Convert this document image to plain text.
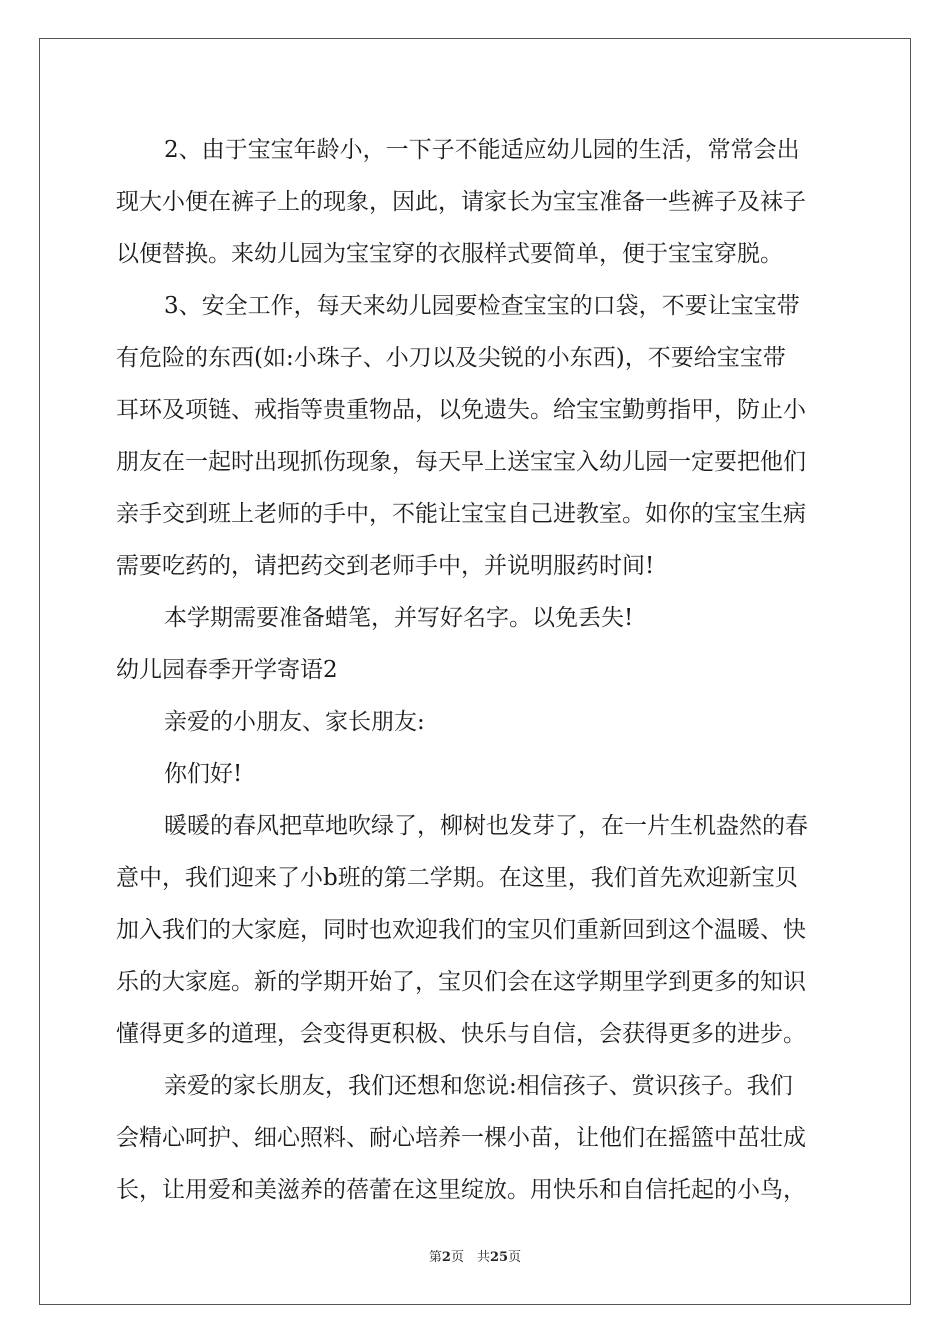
2、由于宝宝年龄小，一下子不能适应幼儿园的生活，常常会出
现大小便在裤子上的现象，因此，请家长为宝宝准备一些裤子及袜子
以便替换。来幼儿园为宝宝穿的衣服样式要简单，便于宝宝穿脱。

3、安全工作，每天来幼儿园要检查宝宝的口袋，不要让宝宝带
有危险的东西(如:小珠子、小刀以及尖锐的小东西)，不要给宝宝带
耳环及项链、戒指等贵重物品，以免遗失。给宝宝勤剪指甲，防止小
朋友在一起时出现抓伤现象，每天早上送宝宝入幼儿园一定要把他们
亲手交到班上老师的手中，不能让宝宝自己进教室。如你的宝宝生病
需要吃药的，请把药交到老师手中，并说明服药时间!

本学期需要准备蜡笔，并写好名字。以免丢失!

幼儿园春季开学寄语2

亲爱的小朋友、家长朋友:

你们好!

暖暖的春风把草地吹绿了，柳树也发芽了，在一片生机盎然的春
意中，我们迎来了小b班的第二学期。在这里，我们首先欢迎新宝贝
加入我们的大家庭，同时也欢迎我们的宝贝们重新回到这个温暖、快
乐的大家庭。新的学期开始了，宝贝们会在这学期里学到更多的知识
懂得更多的道理，会变得更积极、快乐与自信，会获得更多的进步。

亲爱的家长朋友，我们还想和您说:相信孩子、赏识孩子。我们
会精心呵护、细心照料、耐心培养一棵小苗，让他们在摇篮中茁壮成
长，让用爱和美滋养的蓓蕾在这里绽放。用快乐和自信托起的小鸟，

第2页　共25页
